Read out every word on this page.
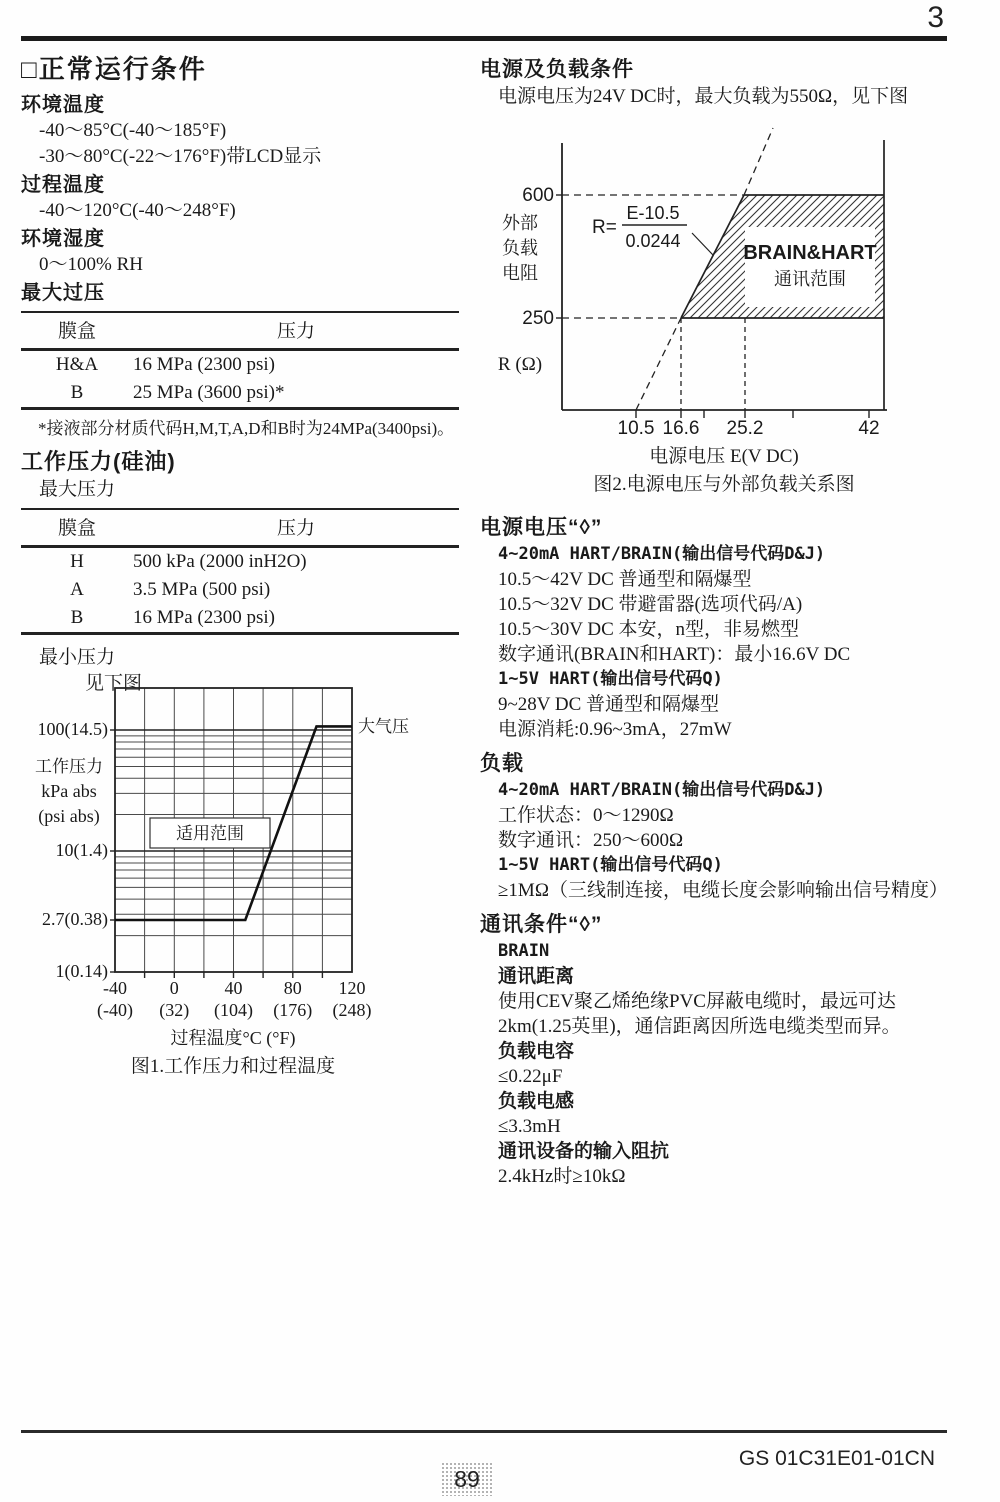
3
□正常运行条件
环境温度
-40～85°C(-40～185°F)
-30～80°C(-22～176°F)带LCD显示
过程温度
-40～120°C(-40～248°F)
环境湿度
0～100% RH
最大过压
膜盒	压力
H&A	16 MPa (2300 psi)
B	25 MPa (3600 psi)*
*接液部分材质代码H,M,T,A,D和B时为24MPa(3400psi)。
工作压力(硅油)
最大压力
膜盒	压力
H	500 kPa (2000 inH2O)
A	3.5 MPa (500 psi)
B	16 MPa (2300 psi)
最小压力
见下图
适用范围
大气压
100(14.5)
10(1.4)
2.7(0.38)
1(0.14)
工作压力
kPa abs
(psi abs)
-40 0	40 80 120
(-40) (32) (104) (176) (248)
过程温度°C (°F)
图1.工作压力和过程温度
电源及负载条件
电源电压为24V DC时，最大负载为550Ω，见下图
BRAIN&HART
通讯范围
R=
E-10.5
0.0244
600
250
外部
负载
电阻
R (Ω)
10.5 16.6 25.2	42
电源电压 E(V DC)
图2.电源电压与外部负载关系图
电源电压“◊”
4~20mA HART/BRAIN(输出信号代码D&J)
10.5～42V DC 普通型和隔爆型
10.5～32V DC 带避雷器(选项代码/A)
10.5～30V DC 本安，n型，非易燃型
数字通讯(BRAIN和HART)：最小16.6V DC
1~5V HART(输出信号代码Q)
9~28V DC 普通型和隔爆型
电源消耗:0.96~3mA，27mW
负载
4~20mA HART/BRAIN(输出信号代码D&J)
工作状态：0～1290Ω
数字通讯：250～600Ω
1~5V HART(输出信号代码Q)
≥1MΩ（三线制连接，电缆长度会影响输出信号精度）
通讯条件“◊”
BRAIN
通讯距离
使用CEV聚乙烯绝缘PVC屏蔽电缆时，最远可达2km(1.25英里)，通信距离因所选电缆类型而异。
负载电容
≤0.22μF
负载电感
≤3.3mH
通讯设备的输入阻抗
2.4kHz时≥10kΩ
GS 01C31E01-01CN
89
